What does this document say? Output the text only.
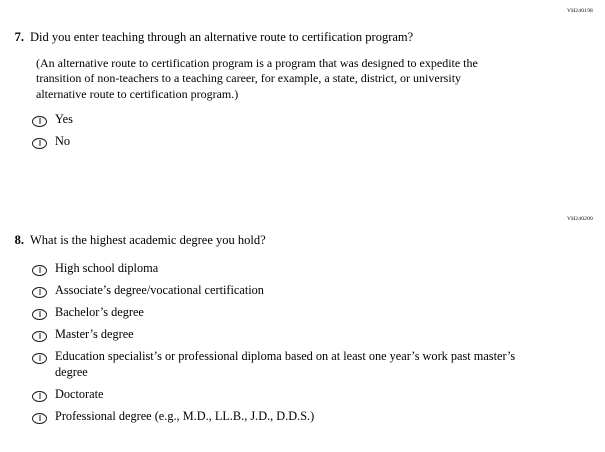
VH240198
7. Did you enter teaching through an alternative route to certification program?
(An alternative route to certification program is a program that was designed to expedite the transition of non-teachers to a teaching career, for example, a state, district, or university alternative route to certification program.)
Yes
No
VH240200
8. What is the highest academic degree you hold?
High school diploma
Associate’s degree/vocational certification
Bachelor’s degree
Master’s degree
Education specialist’s or professional diploma based on at least one year’s work past master’s
degree
Doctorate
Professional degree (e.g., M.D., LL.B., J.D., D.D.S.)
